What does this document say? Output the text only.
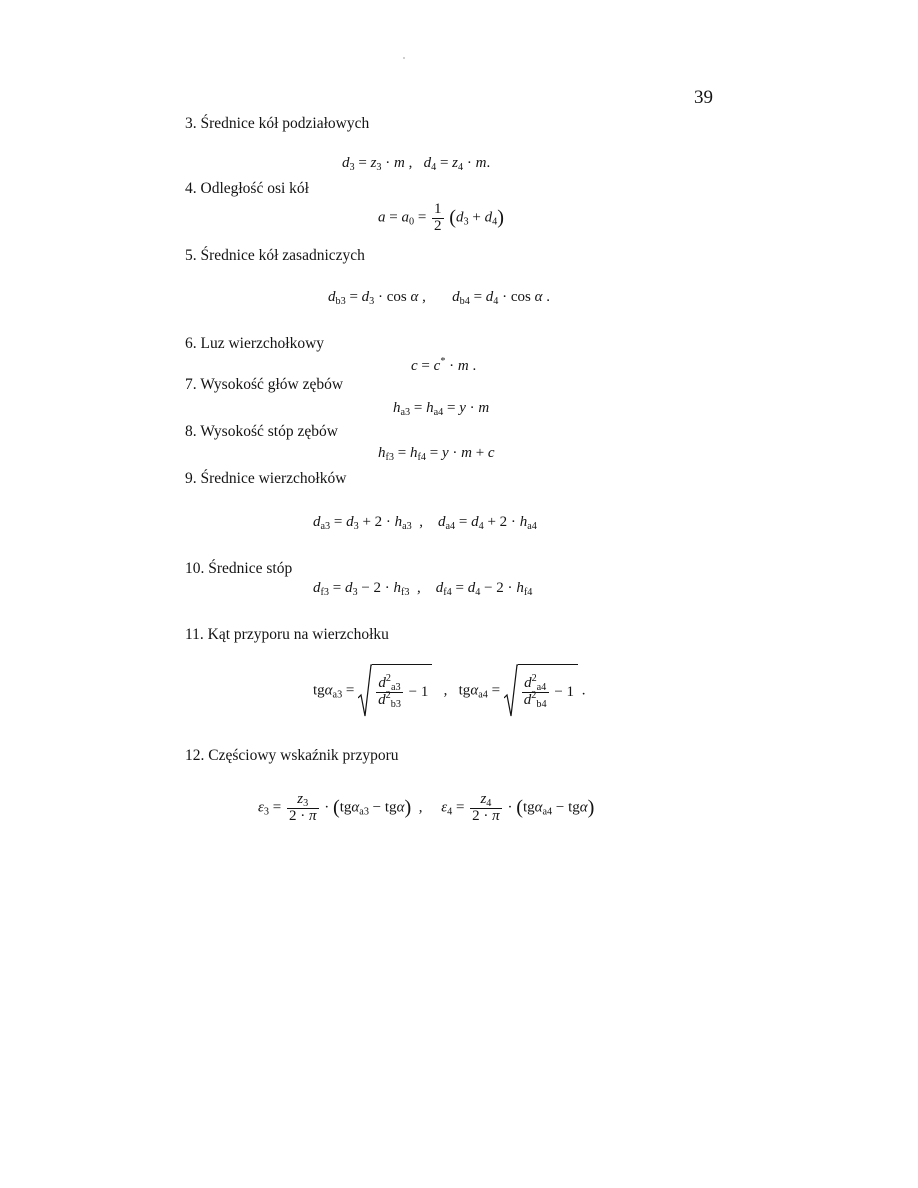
39
3. Średnice kół podziałowych
$d_3 = z_3 \cdot m$ ,   $d_4 = z_4 \cdot m$.
4. Odległość osi kół
$a = a_0 = \frac{1}{2} (d_3 + d_4)$
5. Średnice kół zasadniczych
$d_{b3} = d_3 \cdot \cos \alpha$ ,       $d_{b4} = d_4 \cdot \cos \alpha$ .
6. Luz wierzchołkowy
c = c* · m .
7. Wysokość głów zębów
$h_{a3} = h_{a4} = y \cdot m$
8. Wysokość stóp zębów
$h_{f3} = h_{f4} = y \cdot m + c$
9. Średnice wierzchołków
$d_{a3} = d_3 + 2 \cdot h_{a3}$  ,    $d_{a4} = d_4 + 2 \cdot h_{a4}$
10. Średnice stóp
$d_{f3} = d_3 - 2 \cdot h_{f3}$  ,    $d_{f4} = d_4 - 2 \cdot h_{f4}$
11. Kąt przyporu na wierzchołku
$tg\alpha_{a3} = \frac{d^2_{a3}}{d^2_{b3}} - 1$ ,   $tg\alpha_{a4} = \frac{d^2_{a4}}{d^2_{b4}} - 1$ .
12. Częściowy wskaźnik przyporu
$\varepsilon_3 = \frac{z_3}{2 \cdot \pi} \cdot (tg\alpha_{a3} - tg\alpha)$  ,     $\varepsilon_4 = \frac{z_4}{2 \cdot \pi} \cdot (tg\alpha_{a4} - tg\alpha)$
